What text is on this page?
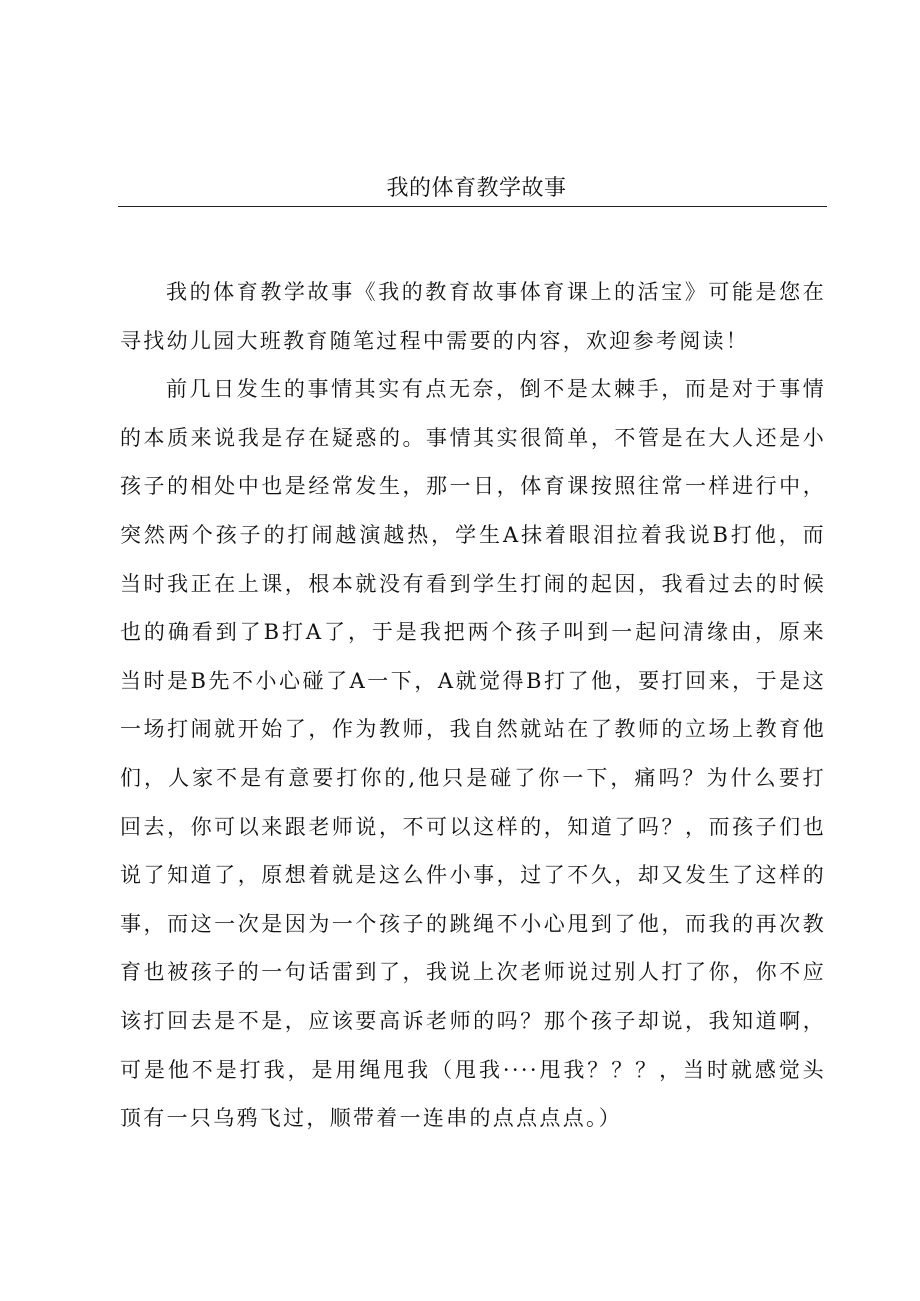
我的体育教学故事

我的体育教学故事《我的教育故事体育课上的活宝》可能是您在寻找幼儿园大班教育随笔过程中需要的内容，欢迎参考阅读！

前几日发生的事情其实有点无奈，倒不是太棘手，而是对于事情的本质来说我是存在疑惑的。事情其实很简单，不管是在大人还是小孩子的相处中也是经常发生，那一日，体育课按照往常一样进行中，突然两个孩子的打闹越演越热，学生A抹着眼泪拉着我说B打他，而当时我正在上课，根本就没有看到学生打闹的起因，我看过去的时候也的确看到了B打A了，于是我把两个孩子叫到一起问清缘由，原来当时是B先不小心碰了A一下，A就觉得B打了他，要打回来，于是这一场打闹就开始了，作为教师，我自然就站在了教师的立场上教育他们，人家不是有意要打你的,他只是碰了你一下，痛吗？为什么要打回去，你可以来跟老师说，不可以这样的，知道了吗？，而孩子们也说了知道了，原想着就是这么件小事，过了不久，却又发生了这样的事，而这一次是因为一个孩子的跳绳不小心甩到了他，而我的再次教育也被孩子的一句话雷到了，我说上次老师说过别人打了你，你不应该打回去是不是，应该要高诉老师的吗？那个孩子却说，我知道啊，可是他不是打我，是用绳甩我（甩我····甩我？？？，当时就感觉头顶有一只乌鸦飞过，顺带着一连串的点点点点。）
